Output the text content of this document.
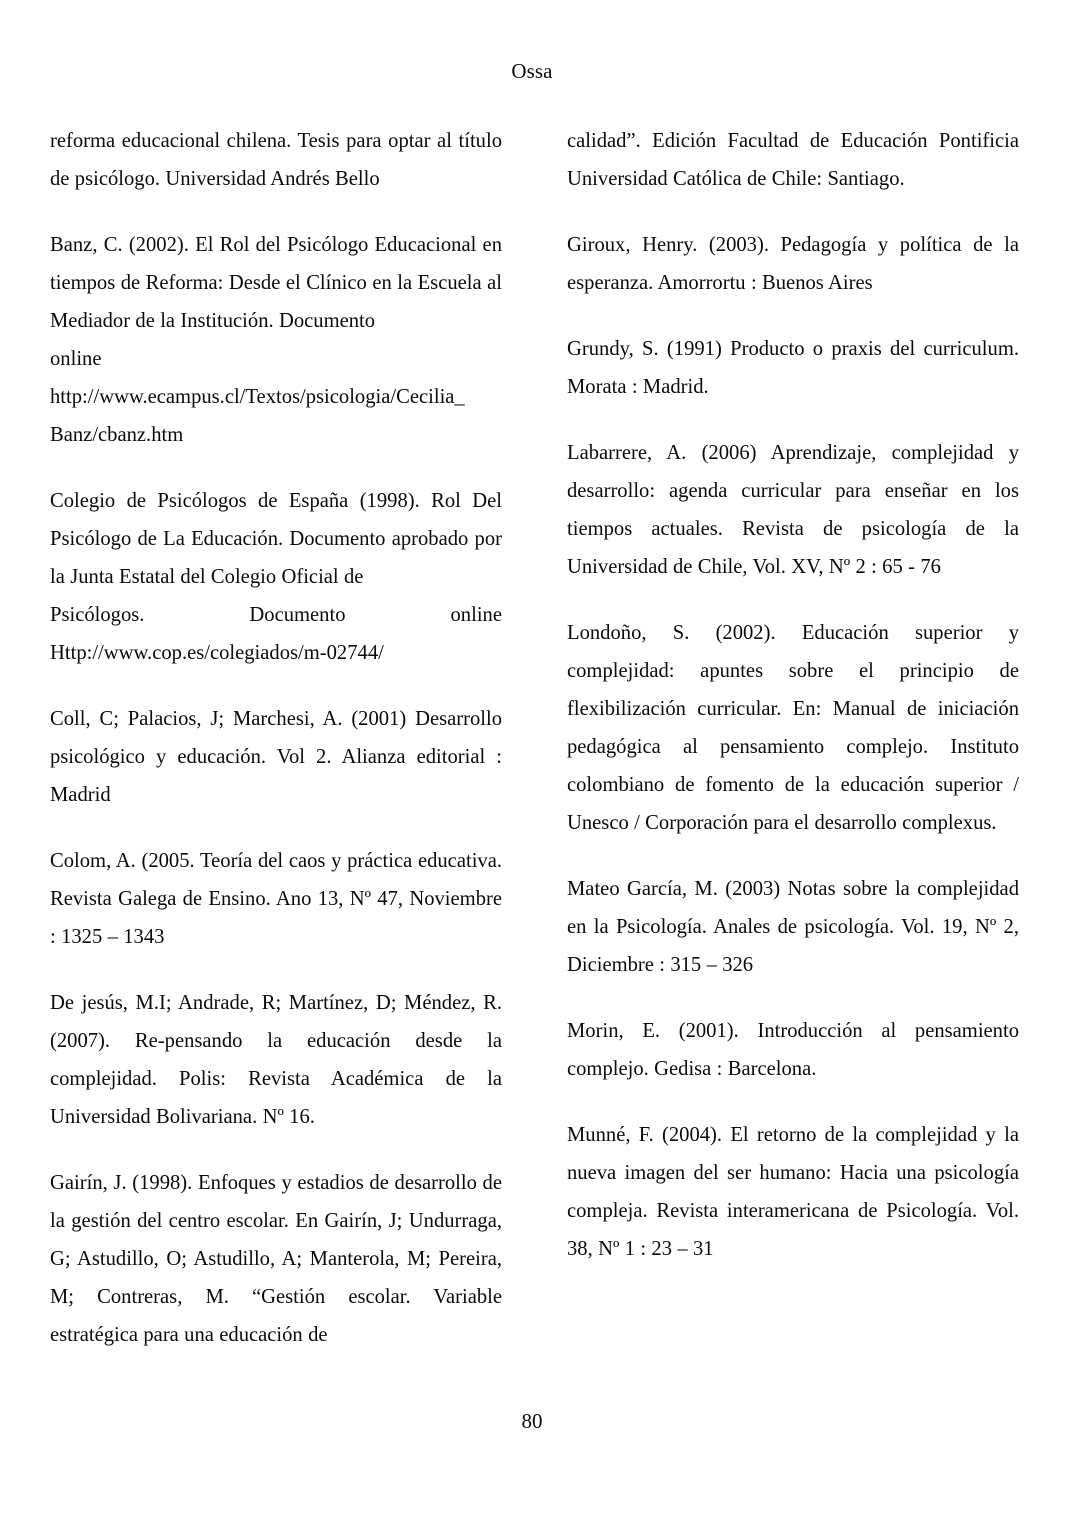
Ossa

reforma educacional chilena. Tesis para optar al título de psicólogo. Universidad Andrés Bello

Banz, C. (2002). El Rol del Psicólogo Educacional en tiempos de Reforma: Desde el Clínico en la Escuela al Mediador de la Institución. Documento
online
http://www.ecampus.cl/Textos/psicologia/Cecilia_
Banz/cbanz.htm

Colegio de Psicólogos de España (1998). Rol Del Psicólogo de La Educación. Documento aprobado por la Junta Estatal del Colegio Oficial de
Psicólogos.	Documento	online
Http://www.cop.es/colegiados/m-02744/

Coll, C; Palacios, J; Marchesi, A. (2001) Desarrollo psicológico y educación. Vol 2. Alianza editorial : Madrid

Colom, A. (2005. Teoría del caos y práctica educativa. Revista Galega de Ensino. Ano 13, Nº 47, Noviembre : 1325 – 1343

De jesús, M.I; Andrade, R; Martínez, D; Méndez, R. (2007). Re-pensando la educación desde la complejidad. Polis: Revista Académica de la Universidad Bolivariana. Nº 16.

Gairín, J. (1998). Enfoques y estadios de desarrollo de la gestión del centro escolar. En Gairín, J; Undurraga, G; Astudillo, O; Astudillo, A; Manterola, M; Pereira, M; Contreras, M. “Gestión escolar. Variable estratégica para una educación de

calidad”. Edición Facultad de Educación Pontificia Universidad Católica de Chile: Santiago.

Giroux, Henry. (2003). Pedagogía y política de la esperanza. Amorrortu : Buenos Aires

Grundy, S. (1991) Producto o praxis del curriculum. Morata : Madrid.

Labarrere, A. (2006) Aprendizaje, complejidad y desarrollo: agenda curricular para enseñar en los tiempos actuales. Revista de psicología de la Universidad de Chile, Vol. XV, Nº 2 : 65 - 76

Londoño, S. (2002). Educación superior y complejidad: apuntes sobre el principio de flexibilización curricular. En: Manual de iniciación pedagógica al pensamiento complejo. Instituto colombiano de fomento de la educación superior / Unesco / Corporación para el desarrollo complexus.

Mateo García, M. (2003) Notas sobre la complejidad en la Psicología. Anales de psicología. Vol. 19, Nº 2, Diciembre : 315 – 326

Morin, E. (2001). Introducción al pensamiento complejo. Gedisa : Barcelona.

Munné, F. (2004). El retorno de la complejidad y la nueva imagen del ser humano: Hacia una psicología compleja. Revista interamericana de Psicología. Vol. 38, Nº 1 : 23 – 31

80
